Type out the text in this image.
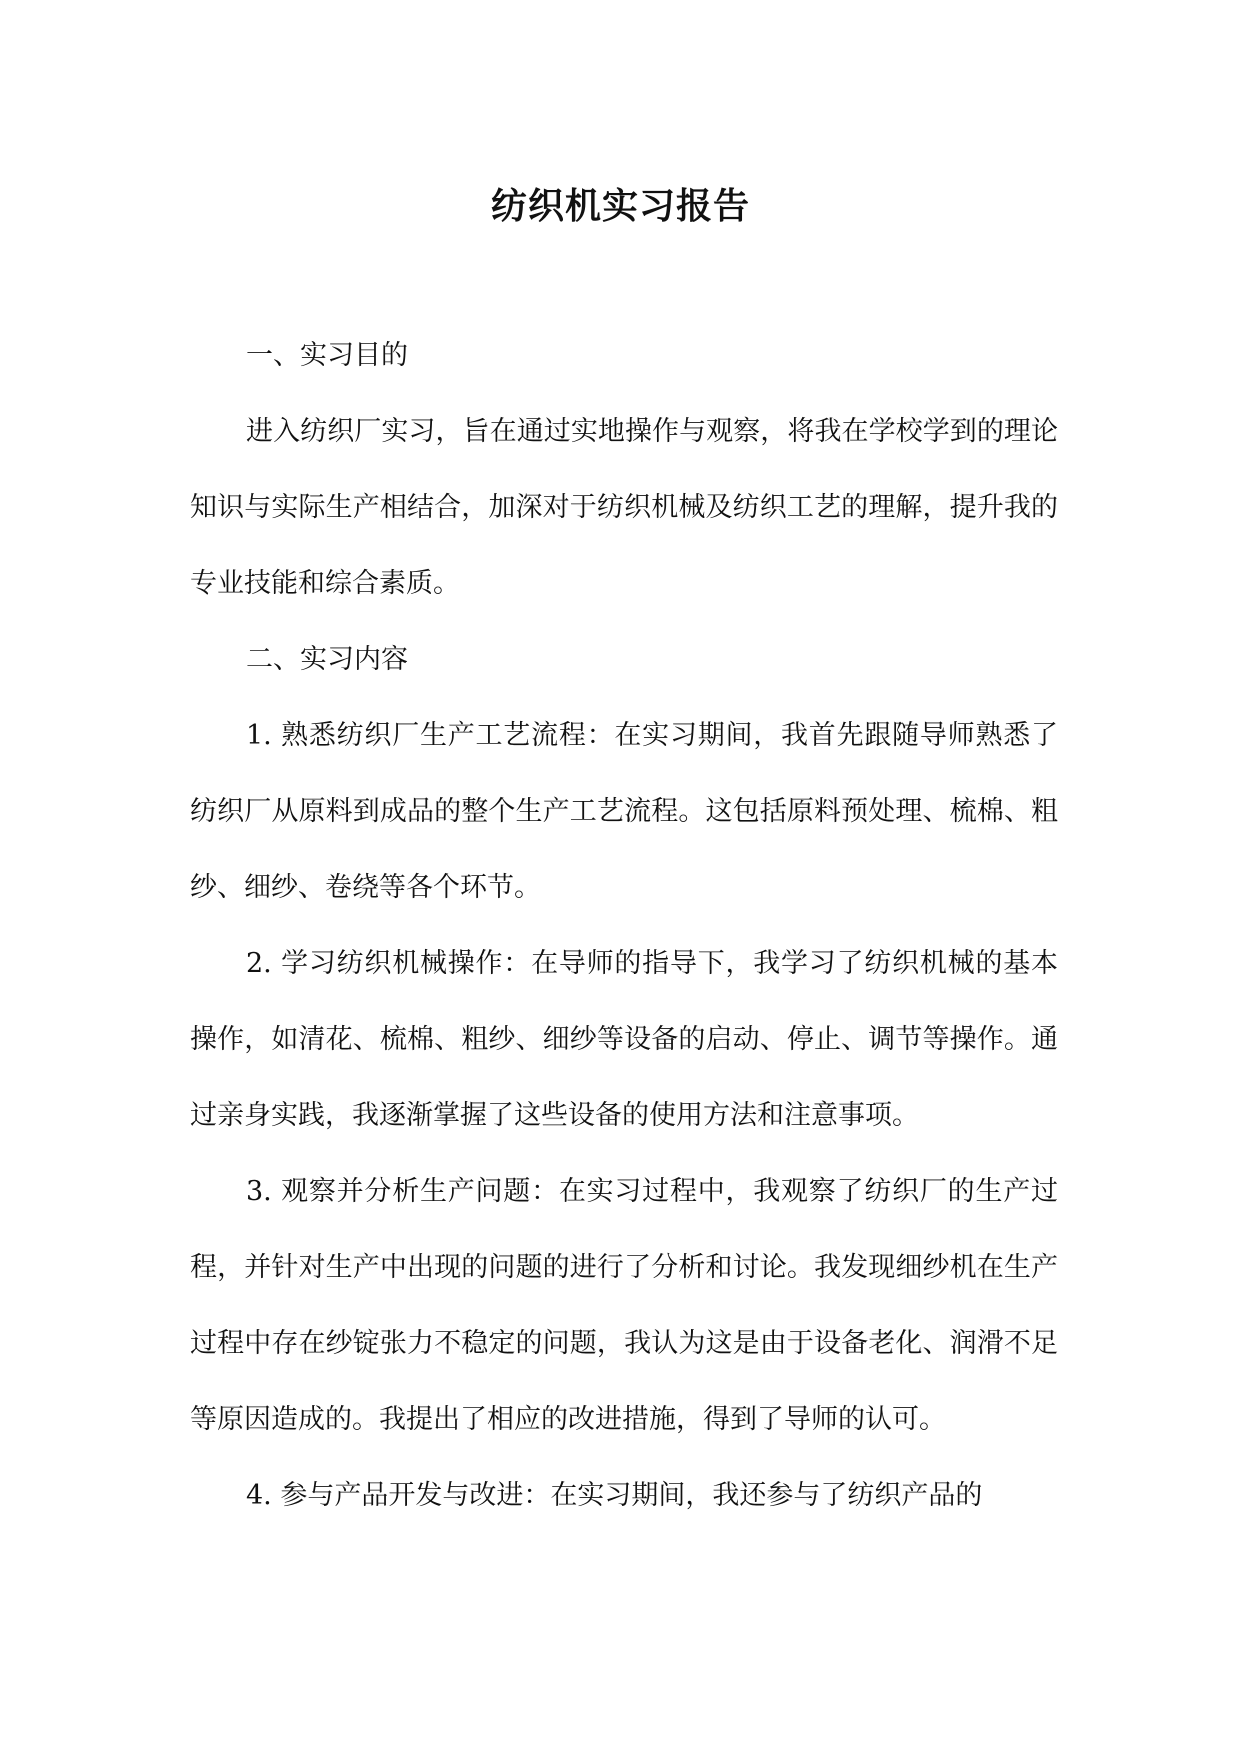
纺织机实习报告

一、实习目的

进入纺织厂实习，旨在通过实地操作与观察，将我在学校学到的理论知识与实际生产相结合，加深对于纺织机械及纺织工艺的理解，提升我的专业技能和综合素质。

二、实习内容

1. 熟悉纺织厂生产工艺流程：在实习期间，我首先跟随导师熟悉了纺织厂从原料到成品的整个生产工艺流程。这包括原料预处理、梳棉、粗纱、细纱、卷绕等各个环节。

2. 学习纺织机械操作：在导师的指导下，我学习了纺织机械的基本操作，如清花、梳棉、粗纱、细纱等设备的启动、停止、调节等操作。通过亲身实践，我逐渐掌握了这些设备的使用方法和注意事项。

3. 观察并分析生产问题：在实习过程中，我观察了纺织厂的生产过程，并针对生产中出现的问题的进行了分析和讨论。我发现细纱机在生产过程中存在纱锭张力不稳定的问题，我认为这是由于设备老化、润滑不足等原因造成的。我提出了相应的改进措施，得到了导师的认可。

4. 参与产品开发与改进：在实习期间，我还参与了纺织产品的
